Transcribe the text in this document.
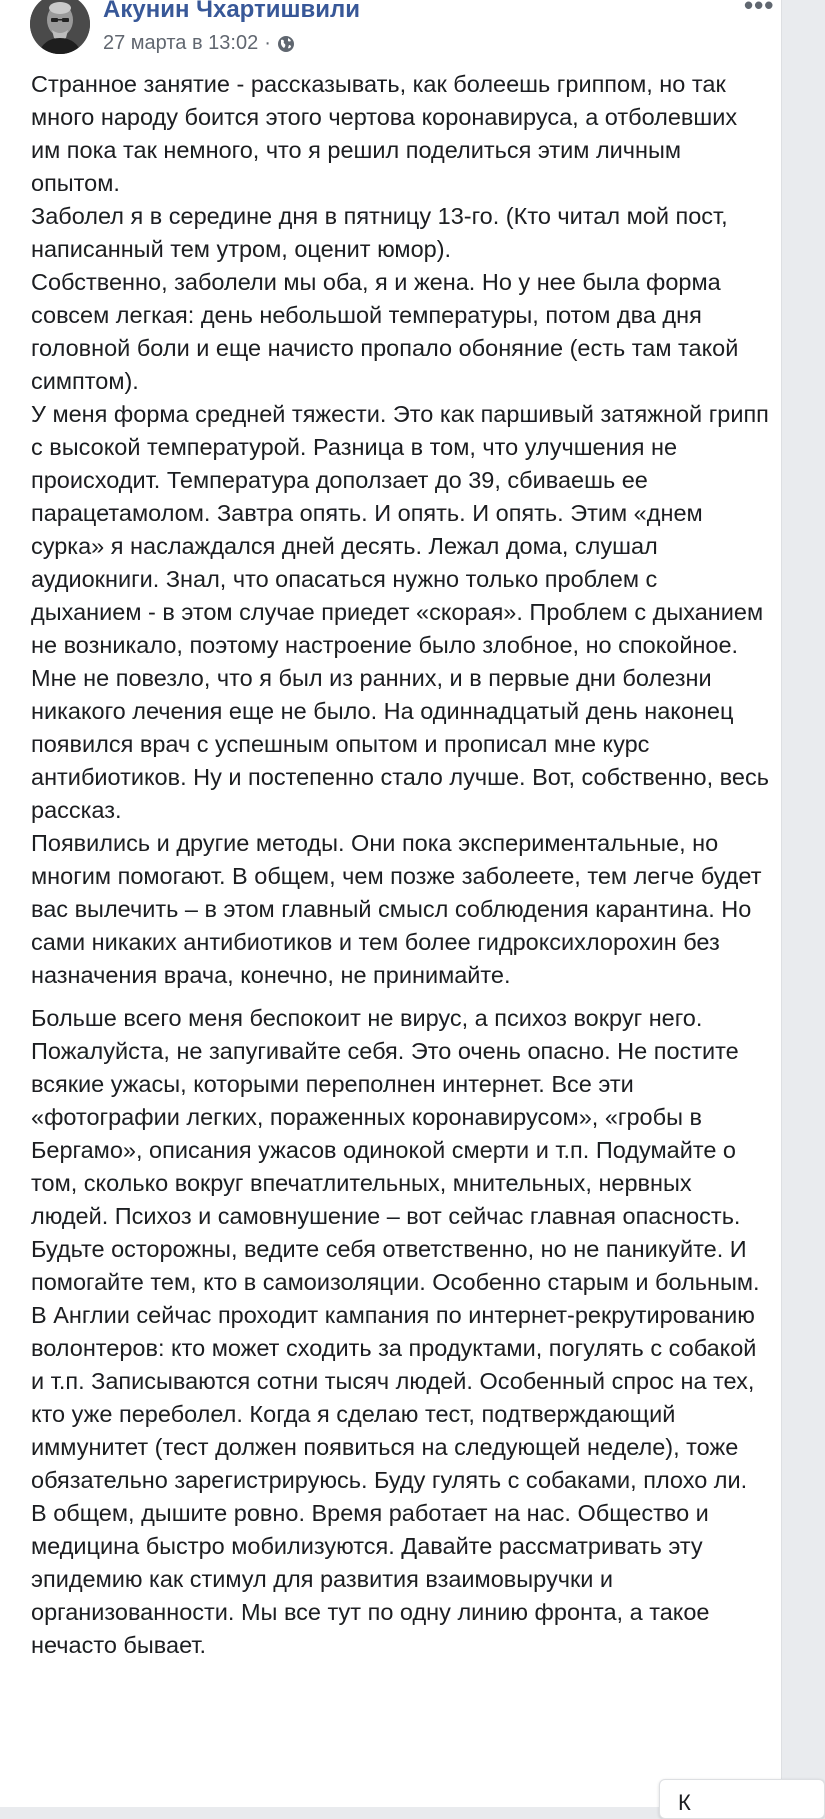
Акунин Чхартишвили
27 марта в 13:02 ·
•••

Странное занятие - рассказывать, как болеешь гриппом, но так много народу боится этого чертова коронавируса, а отболевших им пока так немного, что я решил поделиться этим личным опытом.

Заболел я в середине дня в пятницу 13-го. (Кто читал мой пост, написанный тем утром, оценит юмор).

Собственно, заболели мы оба, я и жена. Но у нее была форма совсем легкая: день небольшой температуры, потом два дня головной боли и еще начисто пропало обоняние (есть там такой симптом).

У меня форма средней тяжести. Это как паршивый затяжной грипп с высокой температурой. Разница в том, что улучшения не происходит. Температура доползает до 39, сбиваешь ее парацетамолом. Завтра опять. И опять. И опять. Этим «днем сурка» я наслаждался дней десять. Лежал дома, слушал аудиокниги. Знал, что опасаться нужно только проблем с дыханием - в этом случае приедет «скорая». Проблем с дыханием не возникало, поэтому настроение было злобное, но спокойное.

Мне не повезло, что я был из ранних, и в первые дни болезни никакого лечения еще не было. На одиннадцатый день наконец появился врач с успешным опытом и прописал мне курс антибиотиков. Ну и постепенно стало лучше. Вот, собственно, весь рассказ.

Появились и другие методы. Они пока экспериментальные, но многим помогают. В общем, чем позже заболеете, тем легче будет вас вылечить – в этом главный смысл соблюдения карантина. Но сами никаких антибиотиков и тем более гидроксихлорохин без назначения врача, конечно, не принимайте.

Больше всего меня беспокоит не вирус, а психоз вокруг него. Пожалуйста, не запугивайте себя. Это очень опасно. Не постите всякие ужасы, которыми переполнен интернет. Все эти «фотографии легких, пораженных коронавирусом», «гробы в Бергамо», описания ужасов одинокой смерти и т.п. Подумайте о том, сколько вокруг впечатлительных, мнительных, нервных людей. Психоз и самовнушение – вот сейчас главная опасность.

Будьте осторожны, ведите себя ответственно, но не паникуйте. И помогайте тем, кто в самоизоляции. Особенно старым и больным. В Англии сейчас проходит кампания по интернет-рекрутированию волонтеров: кто может сходить за продуктами, погулять с собакой и т.п. Записываются сотни тысяч людей. Особенный спрос на тех, кто уже переболел. Когда я сделаю тест, подтверждающий иммунитет (тест должен появиться на следующей неделе), тоже обязательно зарегистрируюсь. Буду гулять с собаками, плохо ли.

В общем, дышите ровно. Время работает на нас. Общество и медицина быстро мобилизуются. Давайте рассматривать эту эпидемию как стимул для развития взаимовыручки и организованности. Мы все тут по одну линию фронта, а такое нечасто бывает.

К
